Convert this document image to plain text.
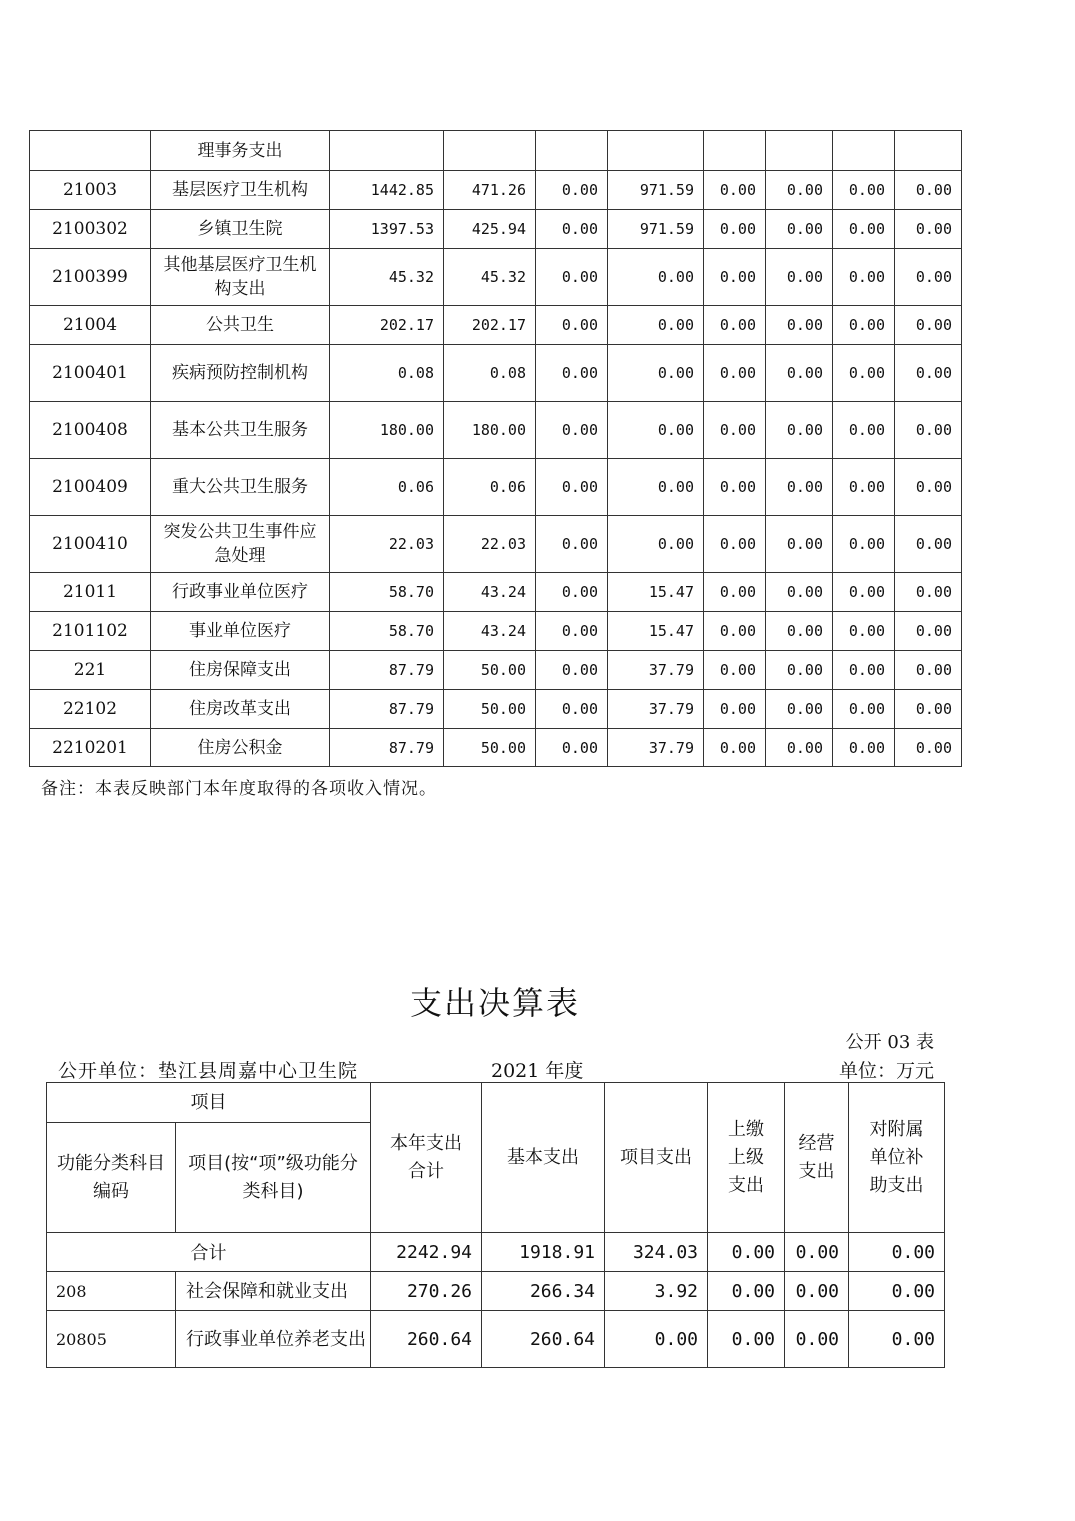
	理事务支出								
21003	基层医疗卫生机构	1442.85	471.26	0.00	971.59	0.00	0.00	0.00	0.00
2100302	乡镇卫生院	1397.53	425.94	0.00	971.59	0.00	0.00	0.00	0.00
2100399	其他基层医疗卫生机构支出	45.32	45.32	0.00	0.00	0.00	0.00	0.00	0.00
21004	公共卫生	202.17	202.17	0.00	0.00	0.00	0.00	0.00	0.00
2100401	疾病预防控制机构	0.08	0.08	0.00	0.00	0.00	0.00	0.00	0.00
2100408	基本公共卫生服务	180.00	180.00	0.00	0.00	0.00	0.00	0.00	0.00
2100409	重大公共卫生服务	0.06	0.06	0.00	0.00	0.00	0.00	0.00	0.00
2100410	突发公共卫生事件应急处理	22.03	22.03	0.00	0.00	0.00	0.00	0.00	0.00
21011	行政事业单位医疗	58.70	43.24	0.00	15.47	0.00	0.00	0.00	0.00
2101102	事业单位医疗	58.70	43.24	0.00	15.47	0.00	0.00	0.00	0.00
221	住房保障支出	87.79	50.00	0.00	37.79	0.00	0.00	0.00	0.00
22102	住房改革支出	87.79	50.00	0.00	37.79	0.00	0.00	0.00	0.00
2210201	住房公积金	87.79	50.00	0.00	37.79	0.00	0.00	0.00	0.00
备注：本表反映部门本年度取得的各项收入情况。
支出决算表
公开 03 表
公开单位：垫江县周嘉中心卫生院	2021 年度	单位：万元
项目		本年支出合计	基本支出	项目支出	上缴上级支出	经营支出	对附属单位补助支出
功能分类科目编码	项目(按“项”级功能分类科目)						
合计		2242.94	1918.91	324.03	0.00	0.00	0.00
208	社会保障和就业支出	270.26	266.34	3.92	0.00	0.00	0.00
20805	行政事业单位养老支出	260.64	260.64	0.00	0.00	0.00	0.00
